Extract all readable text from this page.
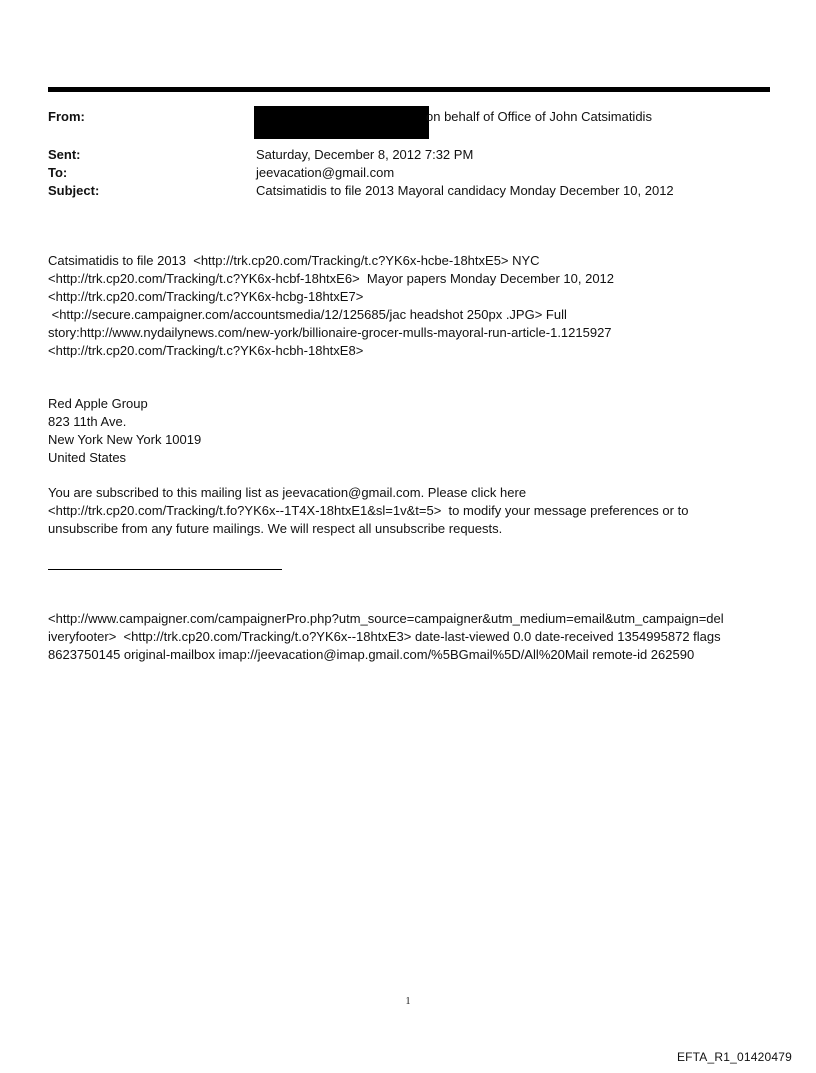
From:	on behalf of Office of John Catsimatidis
Sent:	Saturday, December 8, 2012 7:32 PM
To:	jeevacation@gmail.com
Subject:	Catsimatidis to file 2013 Mayoral candidacy Monday December 10, 2012
Catsimatidis to file 2013  <http://trk.cp20.com/Tracking/t.c?YK6x-hcbe-18htxE5> NYC
<http://trk.cp20.com/Tracking/t.c?YK6x-hcbf-18htxE6>  Mayor papers Monday December 10, 2012
<http://trk.cp20.com/Tracking/t.c?YK6x-hcbg-18htxE7>
<http://secure.campaigner.com/accountsmedia/12/125685/jac headshot 250px .JPG> Full
story:http://www.nydailynews.com/new-york/billionaire-grocer-mulls-mayoral-run-article-1.1215927
<http://trk.cp20.com/Tracking/t.c?YK6x-hcbh-18htxE8>
Red Apple Group
823 11th Ave.
New York New York 10019
United States
You are subscribed to this mailing list as jeevacation@gmail.com. Please click here
<http://trk.cp20.com/Tracking/t.fo?YK6x--1T4X-18htxE1&sl=1v&t=5>  to modify your message preferences or to
unsubscribe from any future mailings. We will respect all unsubscribe requests.
<http://www.campaigner.com/campaignerPro.php?utm_source=campaigner&utm_medium=email&utm_campaign=del
iveryfooter>  <http://trk.cp20.com/Tracking/t.o?YK6x--18htxE3> date-last-viewed 0.0 date-received 1354995872 flags
8623750145 original-mailbox imap://jeevacation@imap.gmail.com/%5BGmail%5D/All%20Mail remote-id 262590
1
EFTA_R1_01420479
